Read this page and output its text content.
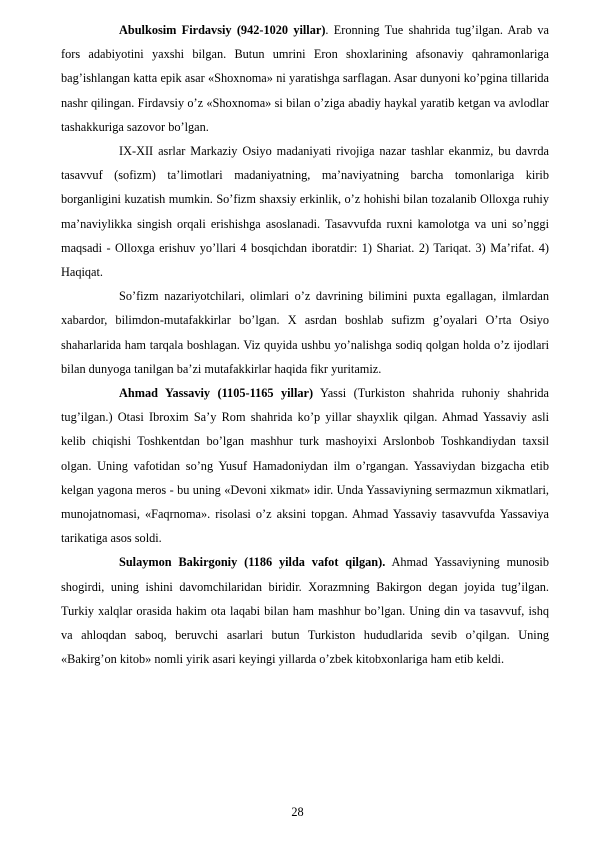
Abulkosim Firdavsiy (942-1020 yillar). Eronning Tue shahrida tug’ilgan. Arab va fors adabiyotini yaxshi bilgan. Butun umrini Eron shoxlarining afsonaviy qahramonlariga bag’ishlangan katta epik asar «Shoxnoma» ni yaratishga sarflagan. Asar dunyoni ko’pgina tillarida nashr qilingan. Firdavsiy o’z «Shoxnoma» si bilan o’ziga abadiy haykal yaratib ketgan va avlodlar tashakkuriga sazovor bo’lgan.

IX-XII asrlar Markaziy Osiyo madaniyati rivojiga nazar tashlar ekanmiz, bu davrda tasavvuf (sofizm) ta’limotlari madaniyatning, ma’naviyatning barcha tomonlariga kirib borganligini kuzatish mumkin. So’fizm shaxsiy erkinlik, o’z hohishi bilan tozalanib Olloxga ruhiy ma’naviylikka singish orqali erishishga asoslanadi. Tasavvufda ruxni kamolotga va uni so’nggi maqsadi - Olloxga erishuv yo’llari 4 bosqichdan iboratdir: 1) Shariat. 2) Tariqat. 3) Ma’rifat. 4) Haqiqat.

So’fizm nazariyotchilari, olimlari o’z davrining bilimini puxta egallagan, ilmlardan xabardor, bilimdon-mutafakkirlar bo’lgan. X asrdan boshlab sufizm g’oyalari O’rta Osiyo shaharlarida ham tarqala boshlagan. Viz quyida ushbu yo’nalishga sodiq qolgan holda o’z ijodlari bilan dunyoga tanilgan ba’zi mutafakkirlar haqida fikr yuritamiz.

Ahmad Yassaviy (1105-1165 yillar) Yassi (Turkiston shahrida ruhoniy shahrida tug’ilgan.) Otasi Ibroxim Sa’y Rom shahrida ko’p yillar shayxlik qilgan. Ahmad Yassaviy asli kelib chiqishi Toshkentdan bo’lgan mashhur turk mashoyixi Arslonbob Toshkandiydan taxsil olgan. Uning vafotidan so’ng Yusuf Hamadoniydan ilm o’rgangan. Yassaviydan bizgacha etib kelgan yagona meros - bu uning «Devoni xikmat» idir. Unda Yassaviyning sermazmun xikmatlari, munojatnomasi, «Faqrnoma». risolasi o’z aksini topgan. Ahmad Yassaviy tasavvufda Yassaviya tarikatiga asos soldi.

Sulaymon Bakirgoniy (1186 yilda vafot qilgan). Ahmad Yassaviyning munosib shogirdi, uning ishini davomchilaridan biridir. Xorazmning Bakirgon degan joyida tug’ilgan. Turkiy xalqlar orasida hakim ota laqabi bilan ham mashhur bo’lgan. Uning din va tasavvuf, ishq va ahloqdan saboq, beruvchi asarlari butun Turkiston hududlarida sevib o’qilgan. Uning «Bakirg’on kitob» nomli yirik asari keyingi yillarda o’zbek kitobxonlariga ham etib keldi.

28
